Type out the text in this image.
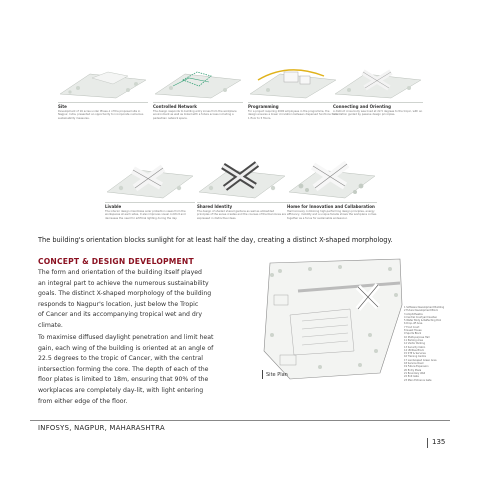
Site
Development of 16 acres under Phase-1 of the proposed site in Nagpur, India, presented an opportunity to incorporate numerous sustainability measures.
Controlled Network
The design responds to building entry zones from the workplace environment as well as linked with a future access including a pedestrian network space.
Programming
For a project requiring 2000 employees in the programme, the design ensures a linear circulation between dispersed functions from 1 floor to 5 floors.
Connecting and Orienting
A distinct cross body was lined at 22.5 degrees to the tropic, with an orientation guided by passive design principles.
Livable
The interior design maximizes solar protection views from the workspaces at each sides, it also improves visual comfort and decreases the need for artificial lighting during the day.
Shared Identity
The design of shaded shared gardens as well as embedded principles of the sense creates and the courses of thermal zones are expressed in distinctive ideas.
Home for Innovation and Collaboration
Harmoniously combining high-performing design principles, energy efficiency, mobility and a unique facade shows the workplace comes together as a focus for sustainable endeavour.
The building's orientation blocks sunlight for at least half the day, creating a distinct X-shaped morphology.
CONCEPT & DESIGN DEVELOPMENT
The form and orientation of the building itself played
an integral part to achieve the numerous sustainability
goals. The distinct X-shaped morphology of the building
responds to Nagpur's location, just below the Tropic
of Cancer and its accompanying tropical wet and dry
climate.
To maximise diffused daylight penetration and limit heat
gain, each wing of the building is oriented at an angle of
22.5 degrees to the tropic of Cancer, with the central
intersection forming the core. The depth of each of the
floor plates is limited to 18m, ensuring that 90% of the
workplaces are completely day-lit, with light entering
from either edge of the floor.
1 Software Development Building
2 Future Development Block
3 Amphitheatre
4 Central Courtyard Garden
5 Water Body & Reflecting Pool
6 Drop-off Area
7 Food Court
8 Guest House
9 Sports Block
10 Multi-purpose Hall
11 Parking Area
12 Visitor Parking
13 Security Cabin
14 Utilities Block
15 STP & Services
16 Training Centre
17 Landscaped Green Area
18 Service Road
19 Future Expansion
20 Entry Plaza
21 Boundary Wall
22 Exit Gate
23 Main Entrance Gate
Site Plan
INFOSYS, NAGPUR, MAHARASHTRA
135
